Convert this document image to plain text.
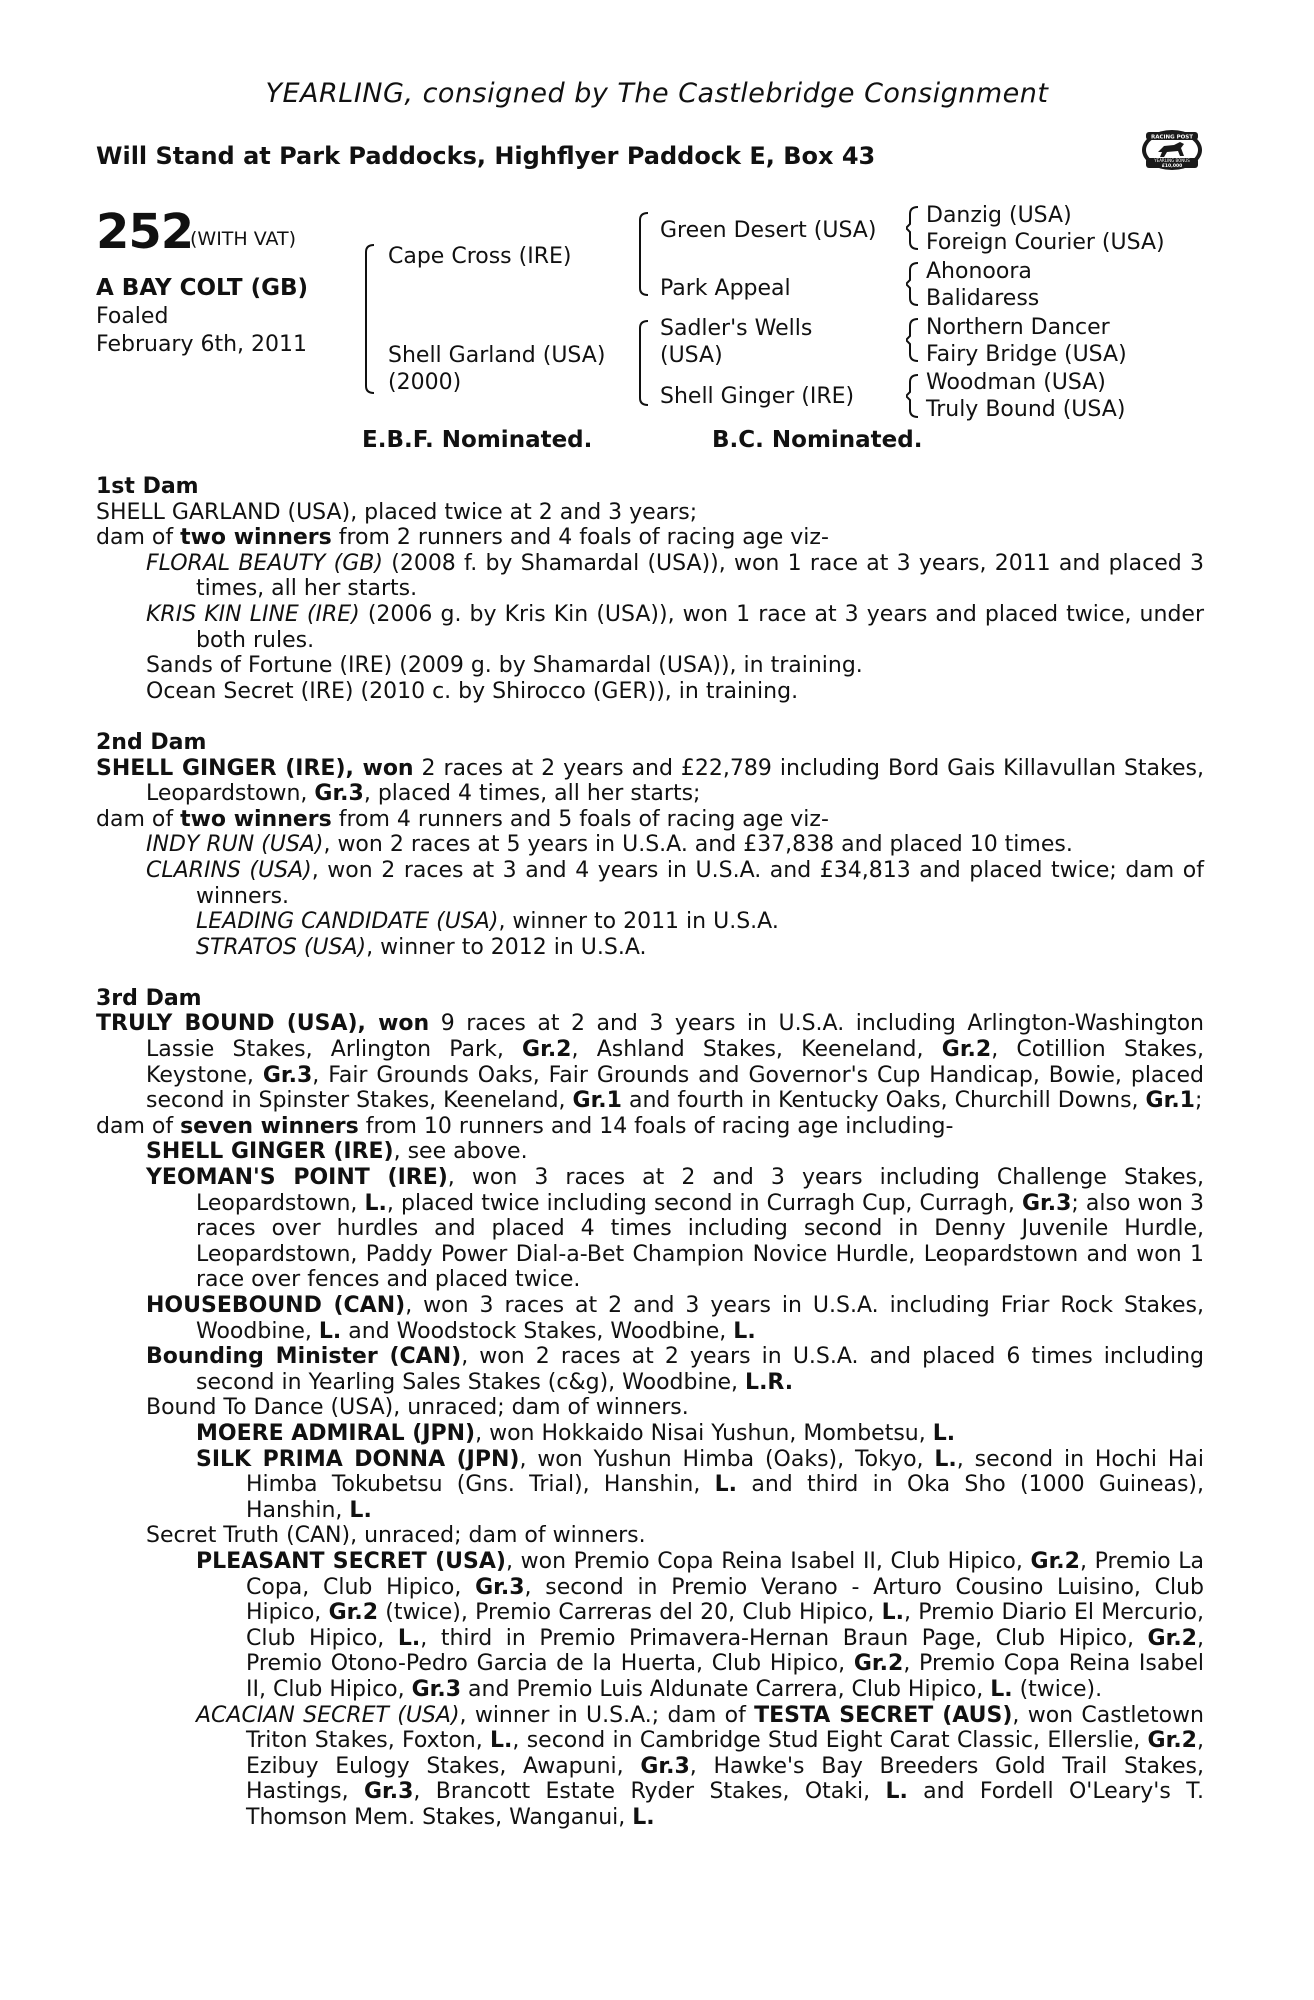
YEARLING, consigned by The Castlebridge Consignment
Will Stand at Park Paddocks, Highflyer Paddock E, Box 43
RACING POST
YEARLING BONUS
£10,000
252
(WITH VAT)
A BAY COLT (GB)
Foaled
February 6th, 2011
Cape Cross (IRE)
Shell Garland (USA)
(2000)
Green Desert (USA)
Park Appeal
Sadler's Wells
(USA)
Shell Ginger (IRE)
Danzig (USA)
Foreign Courier (USA)
Ahonoora
Balidaress
Northern Dancer
Fairy Bridge (USA)
Woodman (USA)
Truly Bound (USA)
E.B.F. Nominated.	B.C. Nominated.
1st Dam
SHELL GARLAND (USA), placed twice at 2 and 3 years;
dam of two winners from 2 runners and 4 foals of racing age viz-
FLORAL BEAUTY (GB) (2008 f. by Shamardal (USA)), won 1 race at 3 years, 2011 and placed 3 times, all her starts.
KRIS KIN LINE (IRE) (2006 g. by Kris Kin (USA)), won 1 race at 3 years and placed twice, under both rules.
Sands of Fortune (IRE) (2009 g. by Shamardal (USA)), in training.
Ocean Secret (IRE) (2010 c. by Shirocco (GER)), in training.
2nd Dam
SHELL GINGER (IRE), won 2 races at 2 years and £22,789 including Bord Gais Killavullan Stakes, Leopardstown, Gr.3, placed 4 times, all her starts;
dam of two winners from 4 runners and 5 foals of racing age viz-
INDY RUN (USA), won 2 races at 5 years in U.S.A. and £37,838 and placed 10 times.
CLARINS (USA), won 2 races at 3 and 4 years in U.S.A. and £34,813 and placed twice; dam of winners.
LEADING CANDIDATE (USA), winner to 2011 in U.S.A.
STRATOS (USA), winner to 2012 in U.S.A.
3rd Dam
TRULY BOUND (USA), won 9 races at 2 and 3 years in U.S.A. including Arlington-Washington Lassie Stakes, Arlington Park, Gr.2, Ashland Stakes, Keeneland, Gr.2, Cotillion Stakes, Keystone, Gr.3, Fair Grounds Oaks, Fair Grounds and Governor's Cup Handicap, Bowie, placed second in Spinster Stakes, Keeneland, Gr.1 and fourth in Kentucky Oaks, Churchill Downs, Gr.1;
dam of seven winners from 10 runners and 14 foals of racing age including-
SHELL GINGER (IRE), see above.
YEOMAN'S POINT (IRE), won 3 races at 2 and 3 years including Challenge Stakes, Leopardstown, L., placed twice including second in Curragh Cup, Curragh, Gr.3; also won 3 races over hurdles and placed 4 times including second in Denny Juvenile Hurdle, Leopardstown, Paddy Power Dial-a-Bet Champion Novice Hurdle, Leopardstown and won 1 race over fences and placed twice.
HOUSEBOUND (CAN), won 3 races at 2 and 3 years in U.S.A. including Friar Rock Stakes, Woodbine, L. and Woodstock Stakes, Woodbine, L.
Bounding Minister (CAN), won 2 races at 2 years in U.S.A. and placed 6 times including second in Yearling Sales Stakes (c&g), Woodbine, L.R.
Bound To Dance (USA), unraced; dam of winners.
MOERE ADMIRAL (JPN), won Hokkaido Nisai Yushun, Mombetsu, L.
SILK PRIMA DONNA (JPN), won Yushun Himba (Oaks), Tokyo, L., second in Hochi Hai Himba Tokubetsu (Gns. Trial), Hanshin, L. and third in Oka Sho (1000 Guineas), Hanshin, L.
Secret Truth (CAN), unraced; dam of winners.
PLEASANT SECRET (USA), won Premio Copa Reina Isabel II, Club Hipico, Gr.2, Premio La Copa, Club Hipico, Gr.3, second in Premio Verano - Arturo Cousino Luisino, Club Hipico, Gr.2 (twice), Premio Carreras del 20, Club Hipico, L., Premio Diario El Mercurio, Club Hipico, L., third in Premio Primavera-Hernan Braun Page, Club Hipico, Gr.2, Premio Otono-Pedro Garcia de la Huerta, Club Hipico, Gr.2, Premio Copa Reina Isabel II, Club Hipico, Gr.3 and Premio Luis Aldunate Carrera, Club Hipico, L. (twice).
ACACIAN SECRET (USA), winner in U.S.A.; dam of TESTA SECRET (AUS), won Castletown Triton Stakes, Foxton, L., second in Cambridge Stud Eight Carat Classic, Ellerslie, Gr.2, Ezibuy Eulogy Stakes, Awapuni, Gr.3, Hawke's Bay Breeders Gold Trail Stakes, Hastings, Gr.3, Brancott Estate Ryder Stakes, Otaki, L. and Fordell O'Leary's T. Thomson Mem. Stakes, Wanganui, L.
